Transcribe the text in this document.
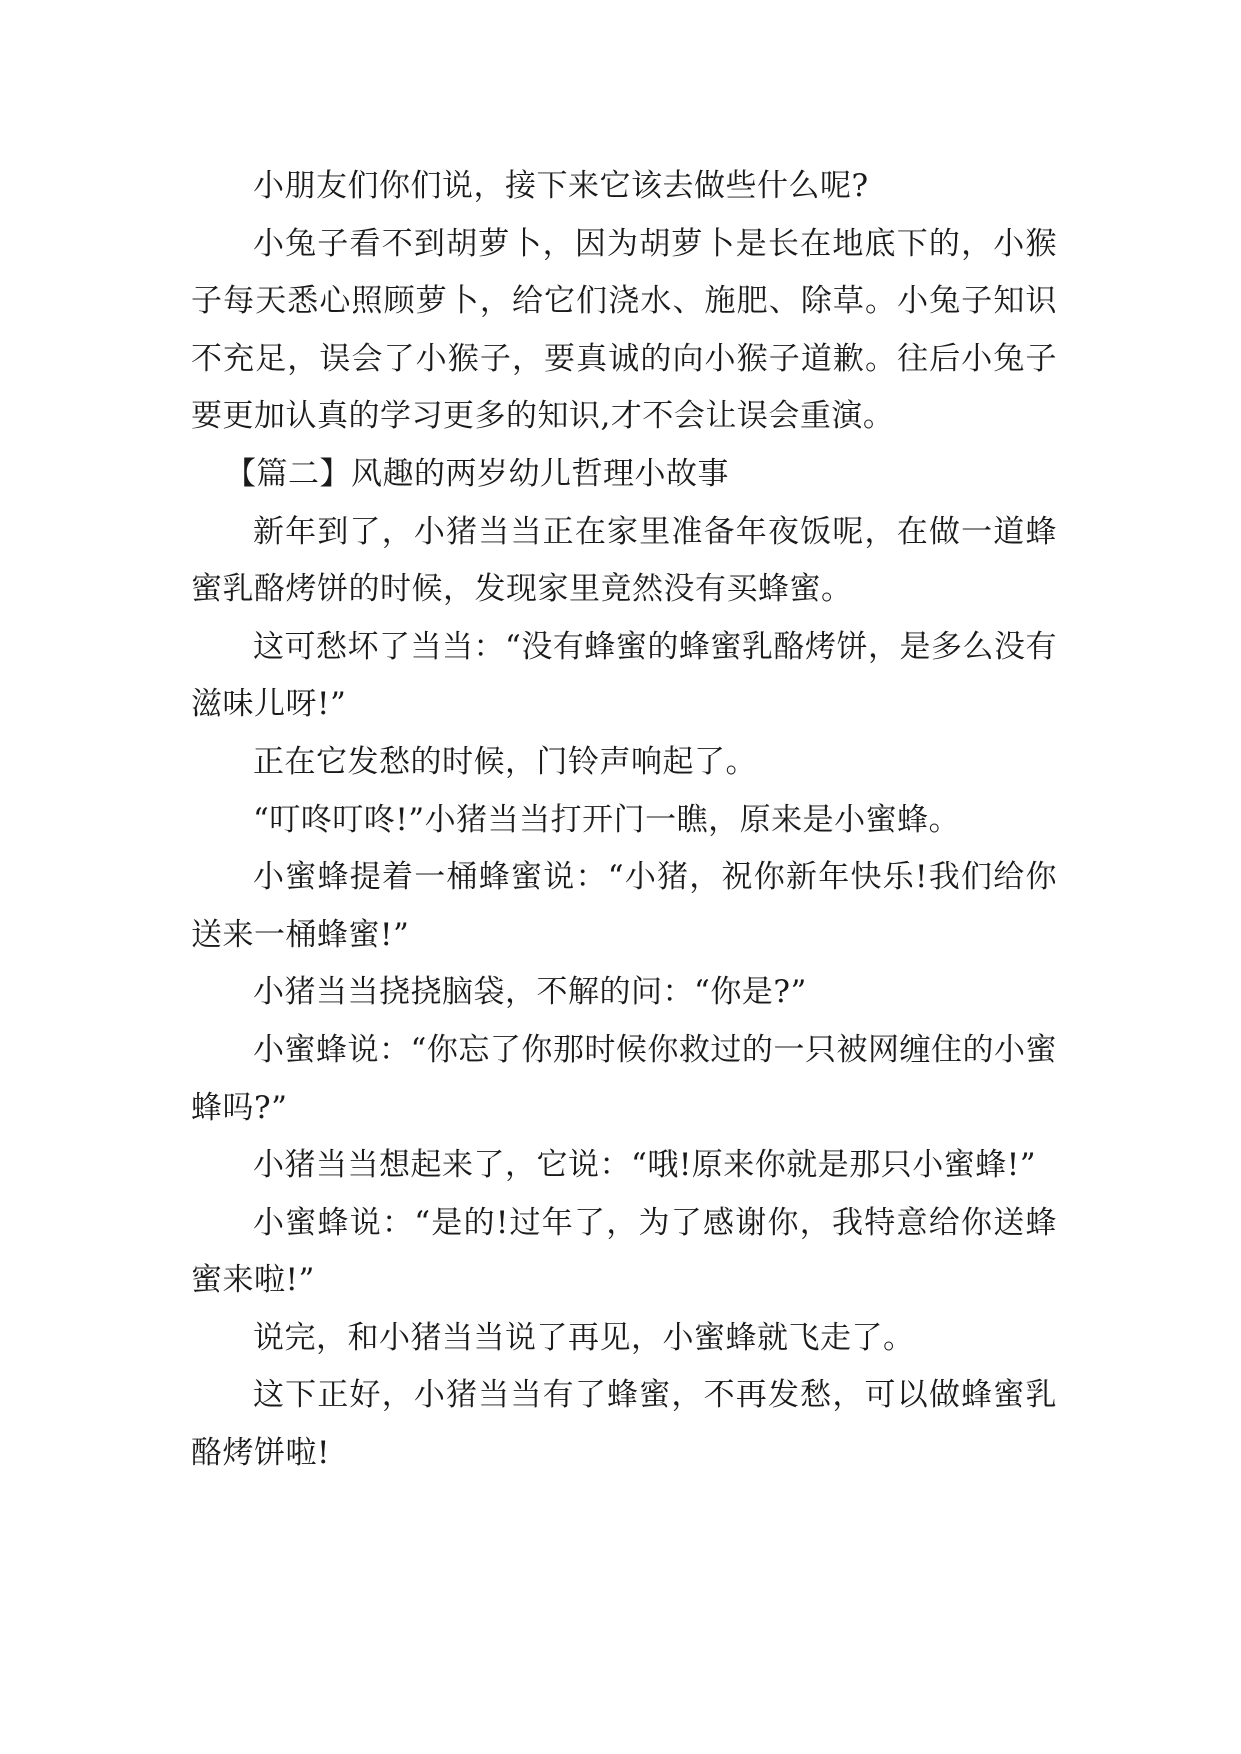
小朋友们你们说，接下来它该去做些什么呢?

小兔子看不到胡萝卜，因为胡萝卜是长在地底下的，小猴子每天悉心照顾萝卜，给它们浇水、施肥、除草。小兔子知识不充足，误会了小猴子，要真诚的向小猴子道歉。往后小兔子要更加认真的学习更多的知识,才不会让误会重演。

【篇二】风趣的两岁幼儿哲理小故事

新年到了，小猪当当正在家里准备年夜饭呢，在做一道蜂蜜乳酪烤饼的时候，发现家里竟然没有买蜂蜜。

这可愁坏了当当：“没有蜂蜜的蜂蜜乳酪烤饼，是多么没有滋味儿呀!”

正在它发愁的时候，门铃声响起了。

“叮咚叮咚!”小猪当当打开门一瞧，原来是小蜜蜂。

小蜜蜂提着一桶蜂蜜说：“小猪，祝你新年快乐!我们给你送来一桶蜂蜜!”

小猪当当挠挠脑袋，不解的问：“你是?”

小蜜蜂说：“你忘了你那时候你救过的一只被网缠住的小蜜蜂吗?”

小猪当当想起来了，它说：“哦!原来你就是那只小蜜蜂!”

小蜜蜂说：“是的!过年了，为了感谢你，我特意给你送蜂蜜来啦!”

说完，和小猪当当说了再见，小蜜蜂就飞走了。

这下正好，小猪当当有了蜂蜜，不再发愁，可以做蜂蜜乳酪烤饼啦!
